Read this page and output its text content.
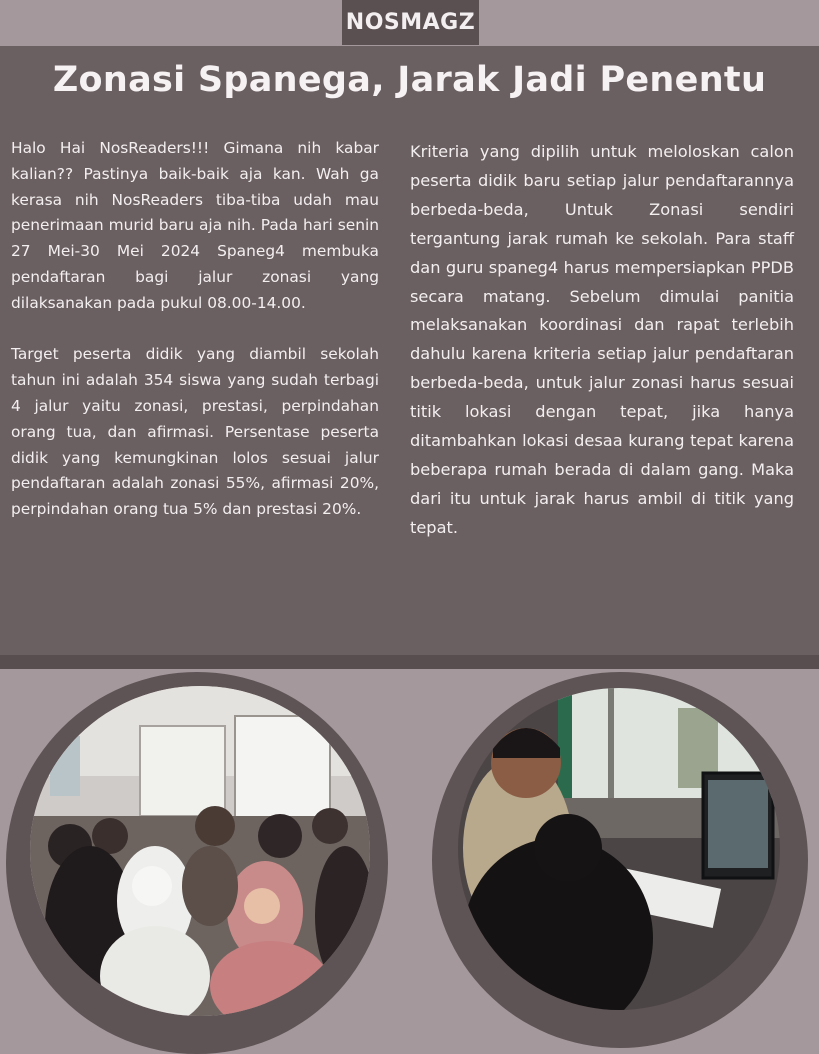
NOSMAGZ
Zonasi Spanega, Jarak Jadi Penentu

Halo Hai NosReaders!!! Gimana nih kabar kalian?? Pastinya baik-baik aja kan. Wah ga kerasa nih NosReaders tiba-tiba udah mau penerimaan murid baru aja nih. Pada hari senin 27 Mei-30 Mei 2024 Spaneg4 membuka pendaftaran bagi jalur zonasi yang dilaksanakan pada pukul 08.00-14.00.

Target peserta didik yang diambil sekolah tahun ini adalah 354 siswa yang sudah terbagi 4 jalur yaitu zonasi, prestasi, perpindahan orang tua, dan afirmasi. Persentase peserta didik yang kemungkinan lolos sesuai jalur pendaftaran adalah zonasi 55%, afirmasi 20%, perpindahan orang tua 5% dan prestasi 20%.

Kriteria yang dipilih untuk meloloskan calon peserta didik baru setiap jalur pendaftarannya berbeda-beda, Untuk Zonasi sendiri tergantung jarak rumah ke sekolah. Para staff dan guru spaneg4 harus mempersiapkan PPDB secara matang. Sebelum dimulai panitia melaksanakan koordinasi dan rapat terlebih dahulu karena kriteria setiap jalur pendaftaran berbeda-beda, untuk jalur zonasi harus sesuai titik lokasi dengan tepat, jika hanya ditambahkan lokasi desaa kurang tepat karena beberapa rumah berada di dalam gang. Maka dari itu untuk jarak harus ambil di titik yang tepat.
